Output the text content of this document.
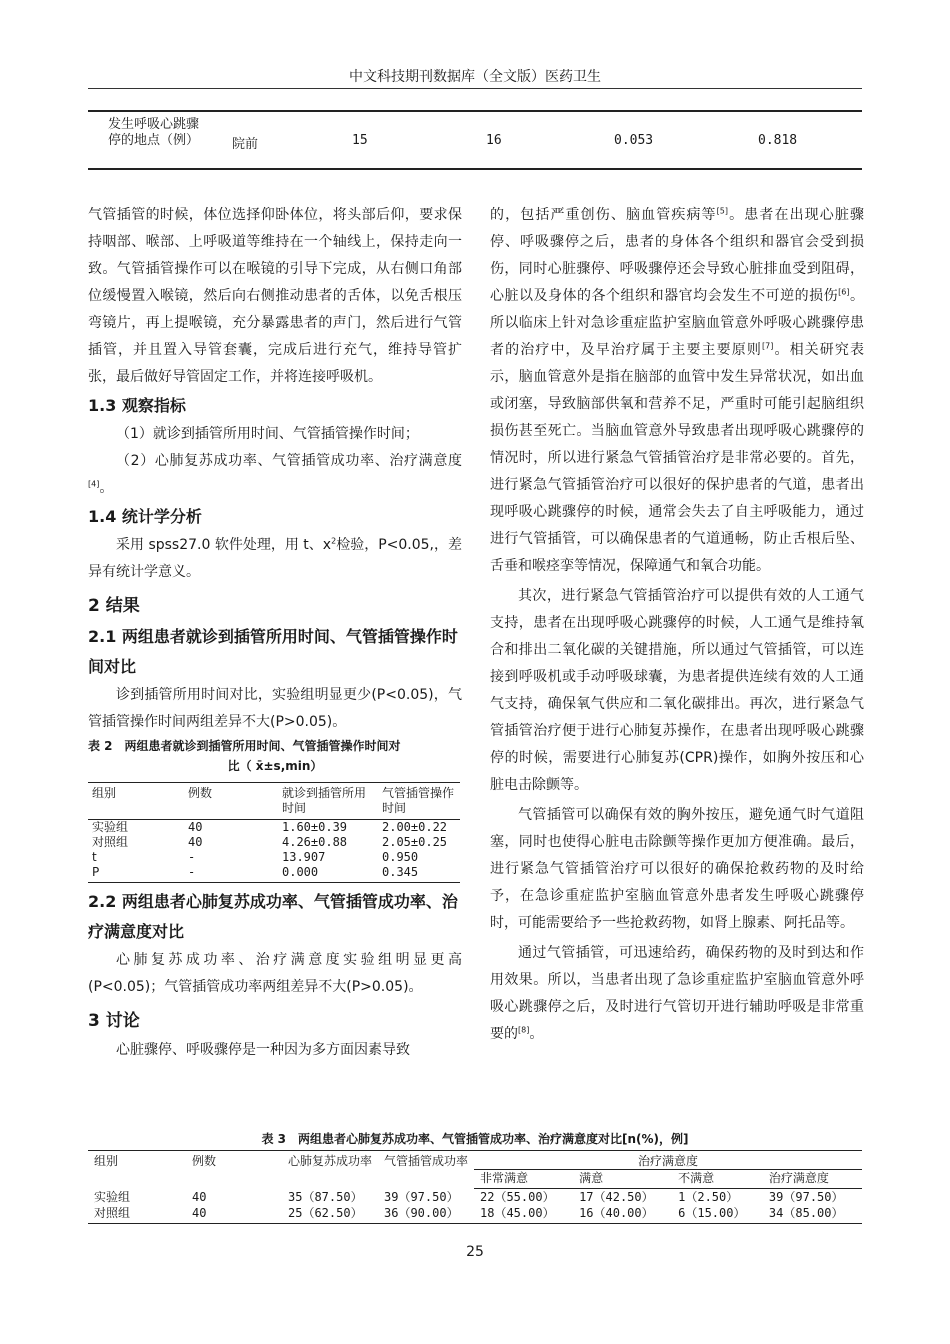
中文科技期刊数据库（全文版）医药卫生
发生呼吸心跳骤停的地点（例）	院前	15	16	0.053	0.818

气管插管的时候，体位选择仰卧体位，将头部后仰，要求保持咽部、喉部、上呼吸道等维持在一个轴线上，保持走向一致。气管插管操作可以在喉镜的引导下完成，从右侧口角部位缓慢置入喉镜，然后向右侧推动患者的舌体，以免舌根压弯镜片，再上提喉镜，充分暴露患者的声门，然后进行气管插管，并且置入导管套囊，完成后进行充气，维持导管扩张，最后做好导管固定工作，并将连接呼吸机。

1.3 观察指标

（1）就诊到插管所用时间、气管插管操作时间；

（2）心肺复苏成功率、气管插管成功率、治疗满意度[4]。

1.4 统计学分析

采用 spss27.0 软件处理，用 t、$x^2$检验，P<0.05,，差异有统计学意义。

2 结果
2.1 两组患者就诊到插管所用时间、气管插管操作时间对比

诊到插管所用时间对比，实验组明显更少(P<0.05)，气管插管操作时间两组差异不大(P>0.05)。

表 2　两组患者就诊到插管所用时间、气管插管操作时间对
比（ x̄±s,min）
组别	例数	就诊到插管所用时间	气管插管操作时间

实验组	40	1.60±0.39	2.00±0.22
对照组	40	4.26±0.88	2.05±0.25
t	-	13.907	0.950
P	-	0.000	0.345
2.2 两组患者心肺复苏成功率、气管插管成功率、治疗满意度对比

心肺复苏成功率、治疗满意度实验组明显更高(P<0.05)；气管插管成功率两组差异不大(P>0.05)。

3 讨论

心脏骤停、呼吸骤停是一种因为多方面因素导致

的，包括严重创伤、脑血管疾病等[5]。患者在出现心脏骤停、呼吸骤停之后，患者的身体各个组织和器官会受到损伤，同时心脏骤停、呼吸骤停还会导致心脏排血受到阻碍，心脏以及身体的各个组织和器官均会发生不可逆的损伤[6]。所以临床上针对急诊重症监护室脑血管意外呼吸心跳骤停患者的治疗中，及早治疗属于主要主要原则[7]。相关研究表示，脑血管意外是指在脑部的血管中发生异常状况，如出血或闭塞，导致脑部供氧和营养不足，严重时可能引起脑组织损伤甚至死亡。当脑血管意外导致患者出现呼吸心跳骤停的情况时，所以进行紧急气管插管治疗是非常必要的。首先，进行紧急气管插管治疗可以很好的保护患者的气道，患者出现呼吸心跳骤停的时候，通常会失去了自主呼吸能力，通过进行气管插管，可以确保患者的气道通畅，防止舌根后坠、舌垂和喉痉挛等情况，保障通气和氧合功能。

其次，进行紧急气管插管治疗可以提供有效的人工通气支持，患者在出现呼吸心跳骤停的时候，人工通气是维持氧合和排出二氧化碳的关键措施，所以通过气管插管，可以连接到呼吸机或手动呼吸球囊，为患者提供连续有效的人工通气支持，确保氧气供应和二氧化碳排出。再次，进行紧急气管插管治疗便于进行心肺复苏操作，在患者出现呼吸心跳骤停的时候，需要进行心肺复苏(CPR)操作，如胸外按压和心脏电击除颤等。

气管插管可以确保有效的胸外按压，避免通气时气道阻塞，同时也使得心脏电击除颤等操作更加方便准确。最后，进行紧急气管插管治疗可以很好的确保抢救药物的及时给予，在急诊重症监护室脑血管意外患者发生呼吸心跳骤停时，可能需要给予一些抢救药物，如肾上腺素、阿托品等。

通过气管插管，可迅速给药，确保药物的及时到达和作用效果。所以，当患者出现了急诊重症监护室脑血管意外呼吸心跳骤停之后，及时进行气管切开进行辅助呼吸是非常重要的[8]。

表 3　两组患者心肺复苏成功率、气管插管成功率、治疗满意度对比[n(%)，例]
组别	例数	心肺复苏成功率	气管插管成功率	治疗满意度			
				非常满意	满意	不满意	治疗满意度
实验组	40	35（87.50）	39（97.50）	22（55.00）	17（42.50）	1（2.50）	39（97.50）
对照组	40	25（62.50）	36（90.00）	18（45.00）	16（40.00）	6（15.00）	34（85.00）
25
